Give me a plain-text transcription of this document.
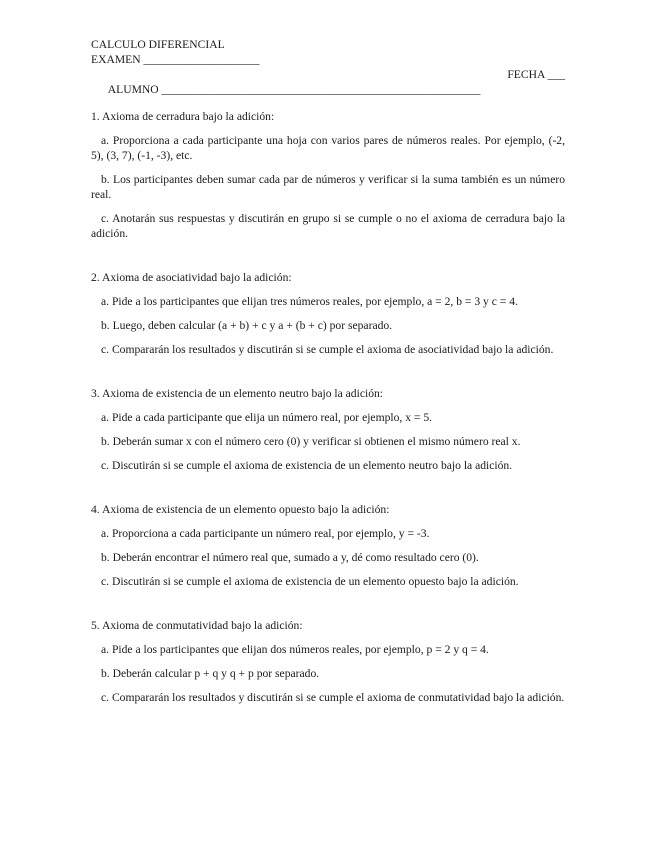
CALCULO DIFERENCIAL
EXAMEN ____________________

ALUMNO _______________________________________________________

FECHA ___

1. Axioma de cerradura bajo la adición:

a. Proporciona a cada participante una hoja con varios pares de números reales. Por ejemplo, (-2, 5), (3, 7), (-1, -3), etc.

b. Los participantes deben sumar cada par de números y verificar si la suma también es un número real.

c. Anotarán sus respuestas y discutirán en grupo si se cumple o no el axioma de cerradura bajo la adición.

2. Axioma de asociatividad bajo la adición:

a. Pide a los participantes que elijan tres números reales, por ejemplo, a = 2, b = 3 y c = 4.

b. Luego, deben calcular (a + b) + c y a + (b + c) por separado.

c. Compararán los resultados y discutirán si se cumple el axioma de asociatividad bajo la adición.

3. Axioma de existencia de un elemento neutro bajo la adición:

a. Pide a cada participante que elija un número real, por ejemplo, x = 5.

b. Deberán sumar x con el número cero (0) y verificar si obtienen el mismo número real x.

c. Discutirán si se cumple el axioma de existencia de un elemento neutro bajo la adición.

4. Axioma de existencia de un elemento opuesto bajo la adición:

a. Proporciona a cada participante un número real, por ejemplo, y = -3.

b. Deberán encontrar el número real que, sumado a y, dé como resultado cero (0).

c. Discutirán si se cumple el axioma de existencia de un elemento opuesto bajo la adición.

5. Axioma de conmutatividad bajo la adición:

a. Pide a los participantes que elijan dos números reales, por ejemplo, p = 2 y q = 4.

b. Deberán calcular p + q y q + p por separado.

c. Compararán los resultados y discutirán si se cumple el axioma de conmutatividad bajo la adición.
